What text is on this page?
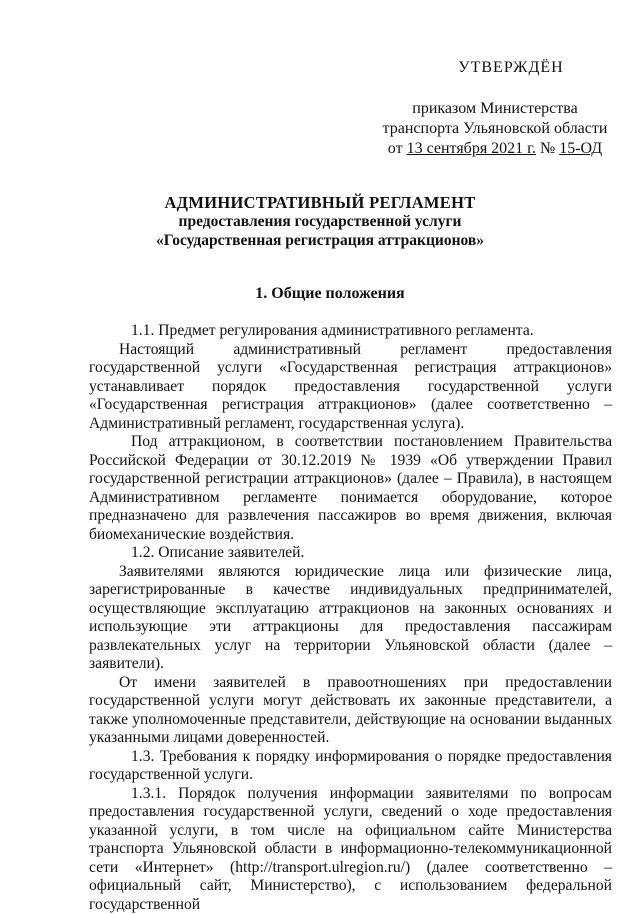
УТВЕРЖДЁН
приказом Министерства
транспорта Ульяновской области
от 13 сентября 2021 г. № 15-ОД
АДМИНИСТРАТИВНЫЙ РЕГЛАМЕНТ
предоставления государственной услуги
«Государственная регистрация аттракционов»
1. Общие положения

1.1. Предмет регулирования административного регламента.

Настоящий административный регламент предоставления государственной услуги «Государственная регистрация аттракционов» устанавливает порядок предоставления государственной услуги «Государственная регистрация аттракционов» (далее соответственно – Административный регламент, государственная услуга).

Под аттракционом, в соответствии постановлением Правительства Российской Федерации от 30.12.2019 № 1939 «Об утверждении Правил государственной регистрации аттракционов» (далее – Правила), в настоящем Административном регламенте понимается оборудование, которое предназначено для развлечения пассажиров во время движения, включая биомеханические воздействия.

1.2. Описание заявителей.

Заявителями являются юридические лица или физические лица, зарегистрированные в качестве индивидуальных предпринимателей, осуществляющие эксплуатацию аттракционов на законных основаниях и использующие эти аттракционы для предоставления пассажирам развлекательных услуг на территории Ульяновской области (далее – заявители).

От имени заявителей в правоотношениях при предоставлении государственной услуги могут действовать их законные представители, а также уполномоченные представители, действующие на основании выданных указанными лицами доверенностей.

1.3. Требования к порядку информирования о порядке предоставления государственной услуги.

1.3.1. Порядок получения информации заявителями по вопросам предоставления государственной услуги, сведений о ходе предоставления указанной услуги, в том числе на официальном сайте Министерства транспорта Ульяновской области в информационно-телекоммуникационной сети «Интернет» (http://transport.ulregion.ru/) (далее соответственно – официальный сайт, Министерство), с использованием федеральной государственной
